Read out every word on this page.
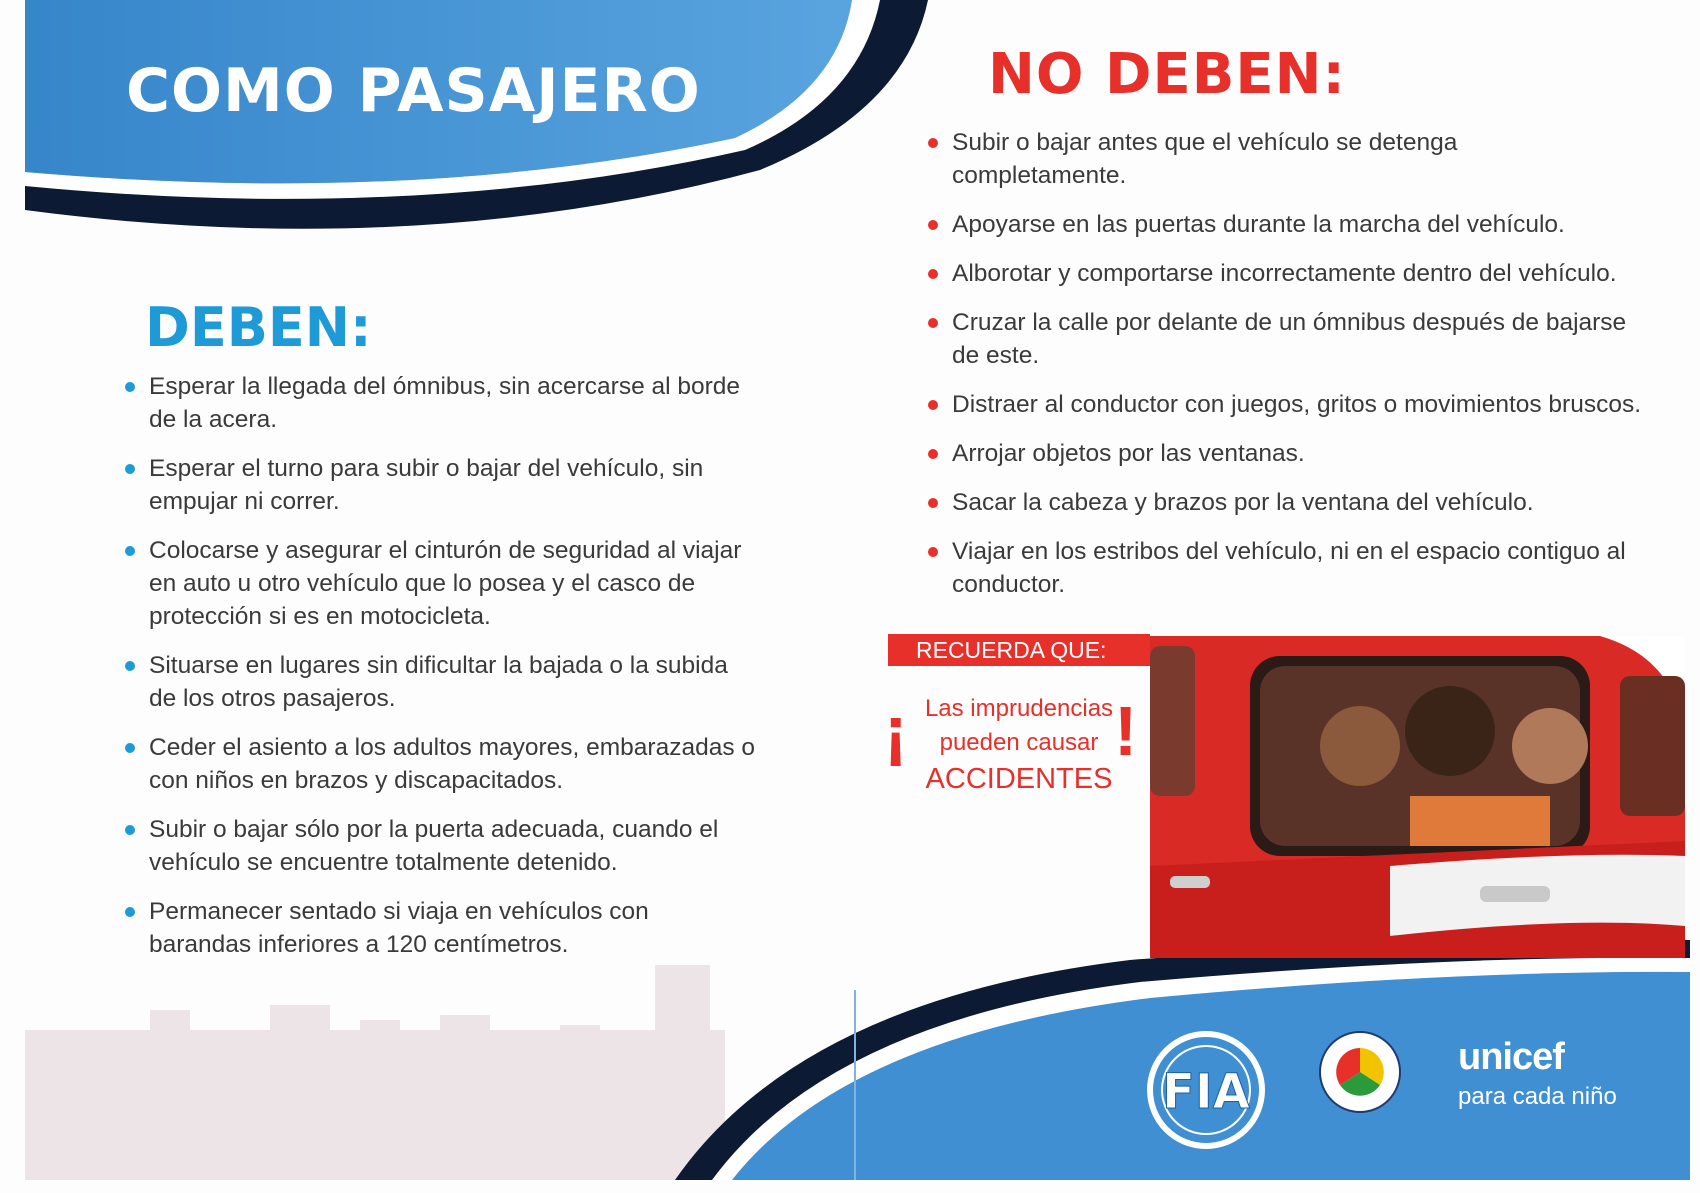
COMO PASAJERO
DEBEN:
Esperar la llegada del ómnibus, sin acercarse al borde
de la acera.
Esperar el turno para subir o bajar del vehículo, sin
empujar ni correr.
Colocarse y asegurar el cinturón de seguridad al viajar
en auto u otro vehículo que lo posea y el casco de
protección si es en motocicleta.
Situarse en lugares sin dificultar la bajada o la subida
de los otros pasajeros.
Ceder el asiento a los adultos mayores, embarazadas o
con niños en brazos y discapacitados.
Subir o bajar sólo por la puerta adecuada, cuando el
vehículo se encuentre totalmente detenido.
Permanecer sentado si viaja en vehículos con
barandas inferiores a 120 centímetros.
NO DEBEN:
Subir o bajar antes que el vehículo se detenga
completamente.
Apoyarse en las puertas durante la marcha del vehículo.
Alborotar y comportarse incorrectamente dentro del vehículo.
Cruzar la calle por delante de un ómnibus después de bajarse
de este.
Distraer al conductor con juegos, gritos o movimientos bruscos.
Arrojar objetos por las ventanas.
Sacar la cabeza y brazos por la ventana del vehículo.
Viajar en los estribos del vehículo, ni en el espacio contiguo al
conductor.
RECUERDA QUE:
¡ Las imprudencias
pueden causar
ACCIDENTES
!
FIA
unicef
para cada niño
